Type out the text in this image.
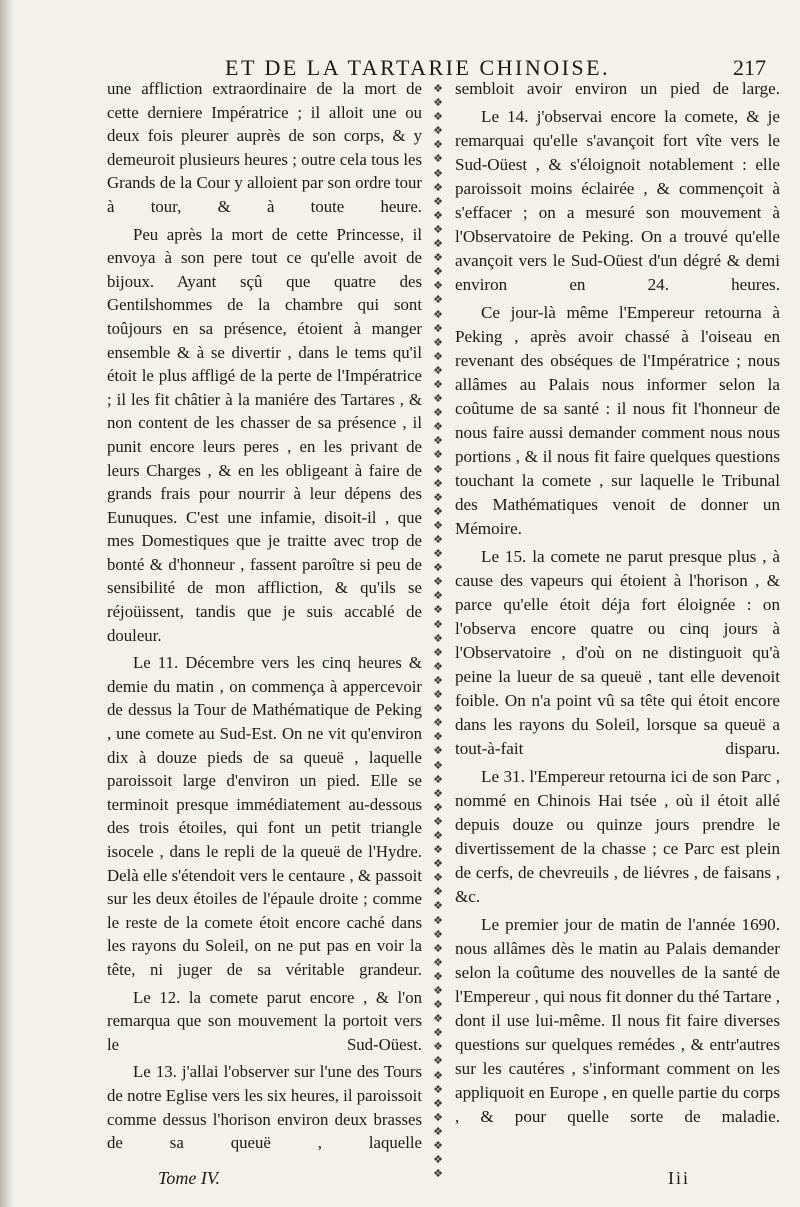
ET DE LA TARTARIE CHINOISE.	217
une affliction extraordinaire de la mort de cette derniere Impératrice ; il alloit une ou deux fois pleurer auprès de son corps, & y demeuroit plusieurs heures ; outre cela tous les Grands de la Cour y alloient par son ordre tour à tour, & à toute heure.
Peu après la mort de cette Princesse, il envoya à son pere tout ce qu'elle avoit de bijoux. Ayant sçû que quatre des Gentilshommes de la chambre qui sont toûjours en sa présence, étoient à manger ensemble & à se divertir , dans le tems qu'il étoit le plus affligé de la perte de l'Impératrice ; il les fit châtier à la maniére des Tartares , & non content de les chasser de sa présence , il punit encore leurs peres , en les privant de leurs Charges , & en les obligeant à faire de grands frais pour nourrir à leur dépens des Eunuques. C'est une infamie, disoit-il , que mes Domestiques que je traitte avec trop de bonté & d'honneur , fassent paroître si peu de sensibilité de mon affliction, & qu'ils se réjoüissent, tandis que je suis accablé de douleur.
Le 11. Décembre vers les cinq heures & demie du matin , on commença à appercevoir de dessus la Tour de Mathématique de Peking , une comete au Sud-Est. On ne vit qu'environ dix à douze pieds de sa queuë , laquelle paroissoit large d'environ un pied. Elle se terminoit presque immédiatement au-dessous des trois étoiles, qui font un petit triangle isocele , dans le repli de la queuë de l'Hydre. Delà elle s'étendoit vers le centaure , & passoit sur les deux étoiles de l'épaule droite ; comme le reste de la comete étoit encore caché dans les rayons du Soleil, on ne put pas en voir la tête, ni juger de sa véritable grandeur.
Le 12. la comete parut encore , & l'on remarqua que son mouvement la portoit vers le Sud-Oüest.
Le 13. j'allai l'observer sur l'une des Tours de notre Eglise vers les six heures, il paroissoit comme dessus l'horison environ deux brasses de sa queuë , laquelle
❖
❖
❖
❖
❖
❖
❖
❖
❖
❖
❖
❖
❖
❖
❖
❖
❖
❖
❖
❖
❖
❖
❖
❖
❖
❖
❖
❖
❖
❖
❖
❖
❖
❖
❖
❖
❖
❖
❖
❖
❖
❖
❖
❖
❖
❖
❖
❖
❖
❖
❖
❖
❖
❖
❖
❖
❖
❖
❖
❖
❖
❖
❖
❖
❖
❖
❖
❖
❖
❖
❖
❖
❖
❖
❖
❖
❖
❖

sembloit avoir environ un pied de large.
Le 14. j'observai encore la comete, & je remarquai qu'elle s'avançoit fort vîte vers le Sud-Oüest , & s'éloignoit notablement : elle paroissoit moins éclairée , & commençoit à s'effacer ; on a mesuré son mouvement à l'Observatoire de Peking. On a trouvé qu'elle avançoit vers le Sud-Oüest d'un dégré & demi environ en 24. heures.
Ce jour-là même l'Empereur retourna à Peking , après avoir chassé à l'oiseau en revenant des obséques de l'Impératrice ; nous allâmes au Palais nous informer selon la coûtume de sa santé : il nous fit l'honneur de nous faire aussi demander comment nous nous portions , & il nous fit faire quelques questions touchant la comete , sur laquelle le Tribunal des Mathématiques venoit de donner un Mémoire.
Le 15. la comete ne parut presque plus , à cause des vapeurs qui étoient à l'horison , & parce qu'elle étoit déja fort éloignée : on l'observa encore quatre ou cinq jours à l'Observatoire , d'où on ne distinguoit qu'à peine la lueur de sa queuë , tant elle devenoit foible. On n'a point vû sa tête qui étoit encore dans les rayons du Soleil, lorsque sa queuë a tout-à-fait disparu.
Le 31. l'Empereur retourna ici de son Parc , nommé en Chinois Hai tsée , où il étoit allé depuis douze ou quinze jours prendre le divertissement de la chasse ; ce Parc est plein de cerfs, de chevreuils , de liévres , de faisans , &c.
Le premier jour de matin de l'année 1690. nous allâmes dès le matin au Palais demander selon la coûtume des nouvelles de la santé de l'Empereur , qui nous fit donner du thé Tartare , dont il use lui-même. Il nous fit faire diverses questions sur quelques remédes , & entr'autres sur les cautéres , s'informant comment on les appliquoit en Europe , en quelle partie du corps , & pour quelle sorte de maladie.
Tome IV.	Iii
